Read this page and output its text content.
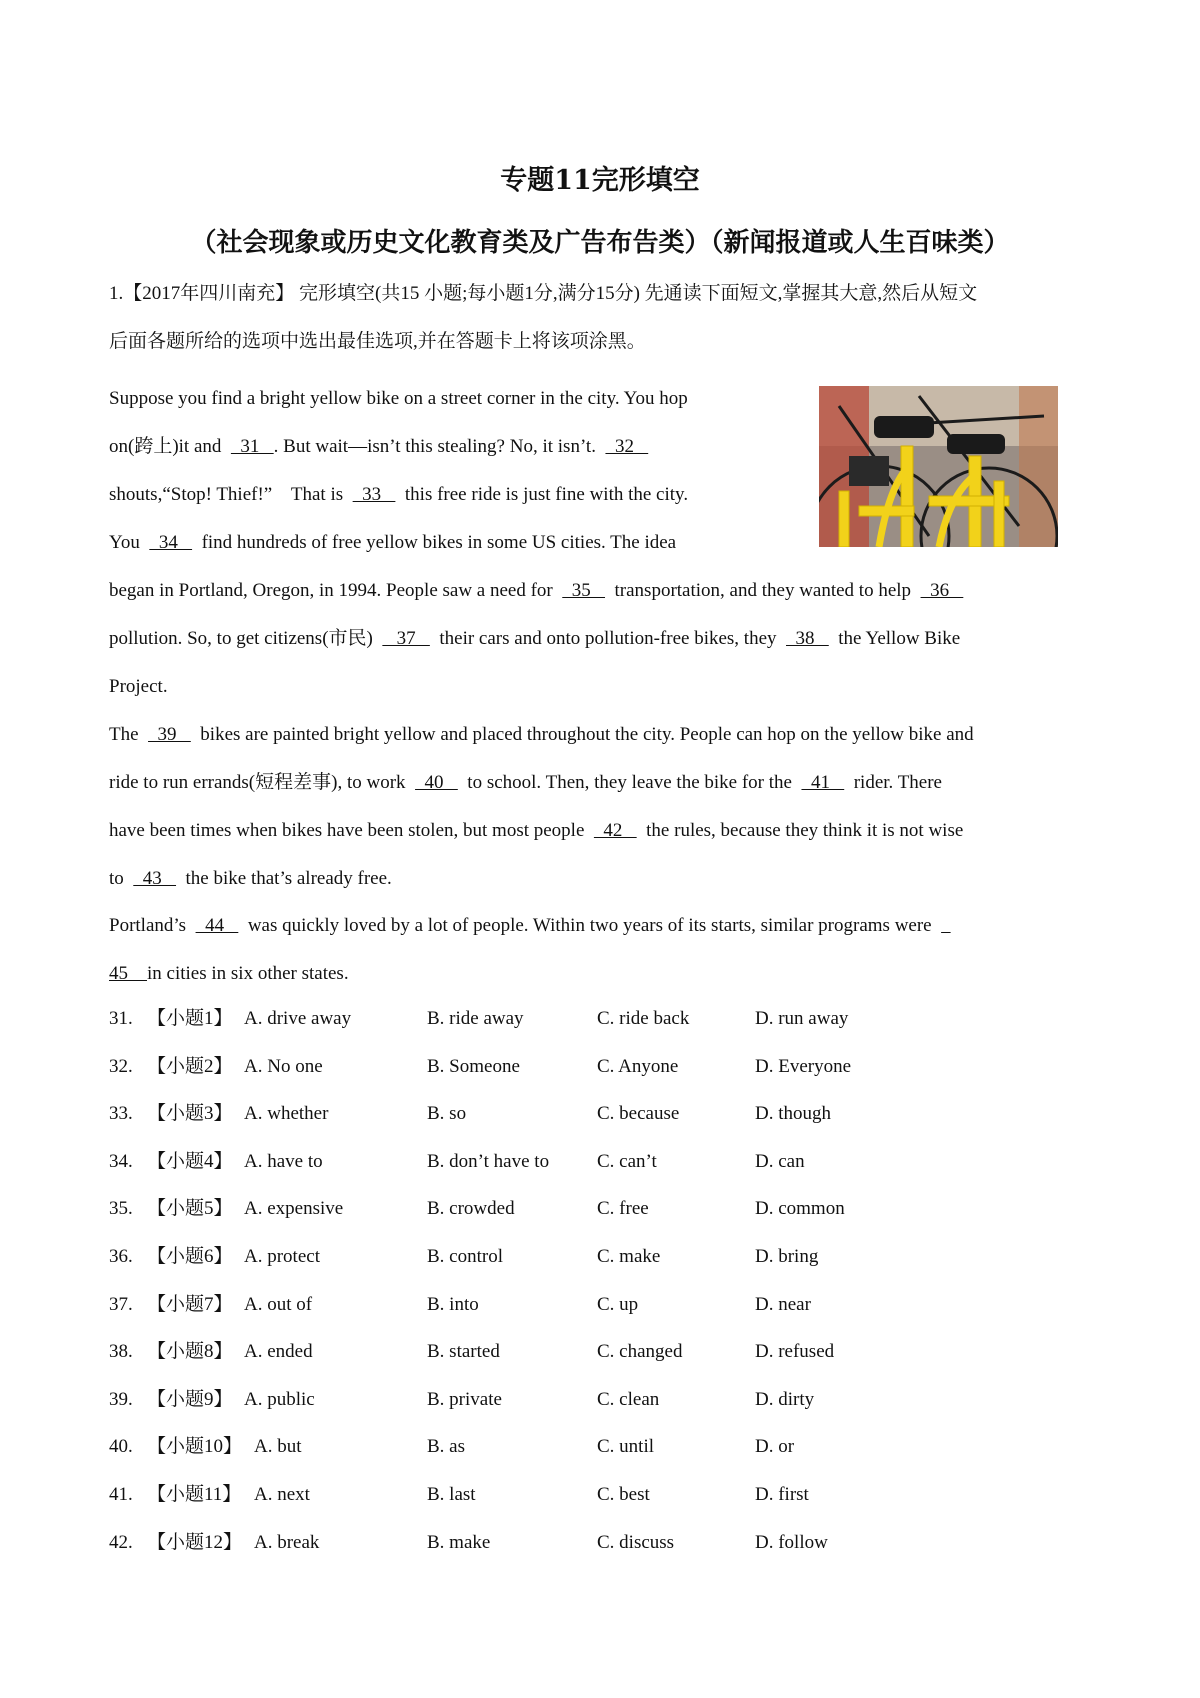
专题11完形填空
（社会现象或历史文化教育类及广告布告类）（新闻报道或人生百味类）
1.【2017年四川南充】 完形填空(共15 小题;每小题1分,满分15分) 先通读下面短文,掌握其大意,然后从短文
后面各题所给的选项中选出最佳选项,并在答题卡上将该项涂黑。
Suppose you find a bright yellow bike on a street corner in the city. You hop
on(跨上)it and    31   . But wait—isn’t this stealing? No, it isn’t.    32
shouts,“Stop! Thief!”    That is    33     this free ride is just fine with the city.
You    34     find hundreds of free yellow bikes in some US cities. The idea
began in Portland, Oregon, in 1994. People saw a need for    35     transportation, and they wanted to help    36
pollution. So, to get citizens(市民)     37     their cars and onto pollution-free bikes, they    38     the Yellow Bike
Project.
The    39     bikes are painted bright yellow and placed throughout the city. People can hop on the yellow bike and
ride to run errands(短程差事), to work    40     to school. Then, they leave the bike for the    41     rider. There
have been times when bikes have been stolen, but most people    42     the rules, because they think it is not wise
to    43     the bike that’s already free.
Portland’s    44     was quickly loved by a lot of people. Within two years of its starts, similar programs were
45    in cities in six other states.
31. 【小题1】 A. drive away	B. ride away	C. ride back	D. run away
32. 【小题2】 A. No one	B. Someone	C. Anyone	D. Everyone
33. 【小题3】 A. whether	B. so	C. because	D. though
34. 【小题4】 A. have to	B. don’t have to	C. can’t	D. can
35. 【小题5】 A. expensive	B. crowded	C. free	D. common
36. 【小题6】 A. protect	B. control	C. make	D. bring
37. 【小题7】 A. out of	B. into	C. up	D. near
38. 【小题8】 A. ended	B. started	C. changed	D. refused
39. 【小题9】 A. public	B. private	C. clean	D. dirty
40. 【小题10】 A. but	B. as	C. until	D. or
41. 【小题11】 A. next	B. last	C. best	D. first
42. 【小题12】 A. break	B. make	C. discuss	D. follow
